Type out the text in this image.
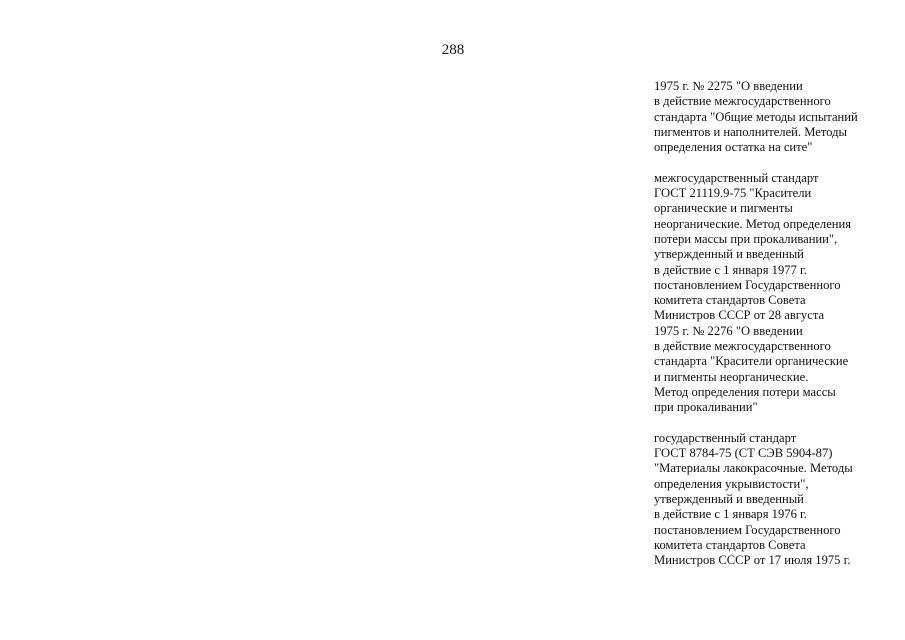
288

1975 г. № 2275 "О введении
в действие межгосударственного
стандарта "Общие методы испытаний
пигментов и наполнителей. Методы
определения остатка на сите"

межгосударственный стандарт
ГОСТ 21119.9-75 "Красители
органические и пигменты
неорганические. Метод определения
потери массы при прокаливании",
утвержденный и введенный
в действие с 1 января 1977 г.
постановлением Государственного
комитета стандартов Совета
Министров СССР от 28 августа
1975 г. № 2276 "О введении
в действие межгосударственного
стандарта "Красители органические
и пигменты неорганические.
Метод определения потери массы
при прокаливании"

государственный стандарт
ГОСТ 8784-75 (СТ СЭВ 5904-87)
"Материалы лакокрасочные. Методы
определения укрывистости",
утвержденный и введенный
в действие с 1 января 1976 г.
постановлением Государственного
комитета стандартов Совета
Министров СССР от 17 июля 1975 г.
